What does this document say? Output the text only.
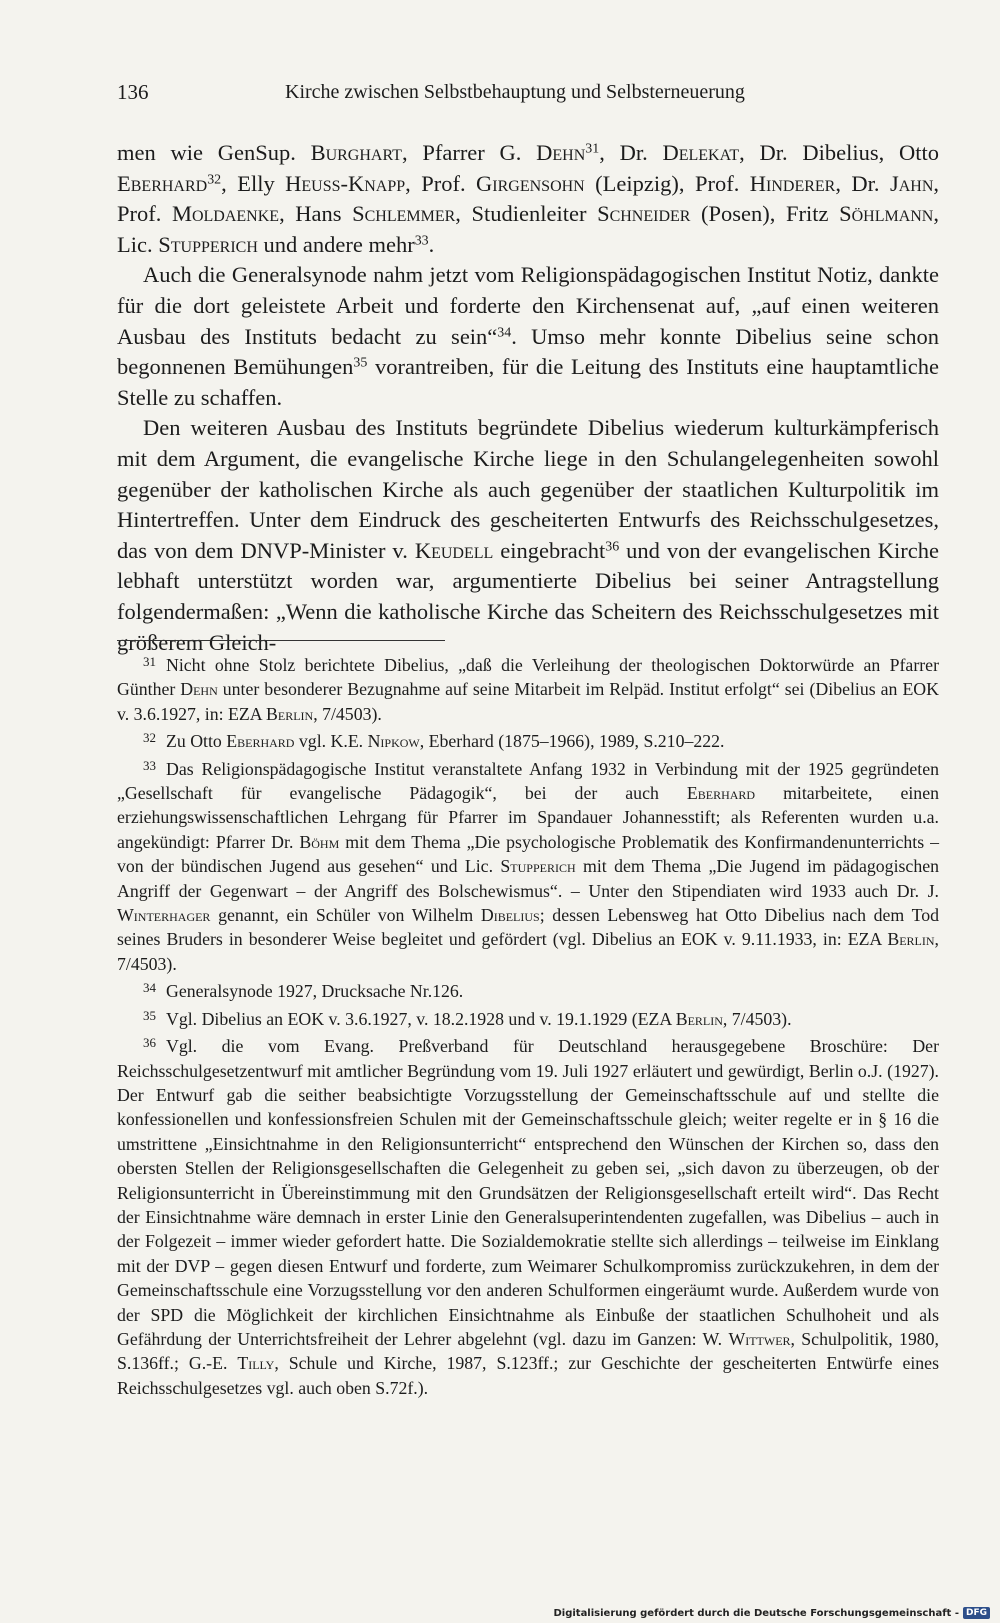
136	Kirche zwischen Selbstbehauptung und Selbsterneuerung

men wie GenSup. Burghart, Pfarrer G. Dehn$^{31}$, Dr. Delekat, Dr. Dibelius, Otto Eberhard$^{32}$, Elly Heuss-Knapp, Prof. Girgensohn (Leipzig), Prof. Hinderer, Dr. Jahn, Prof. Moldaenke, Hans Schlemmer, Studienleiter Schneider (Posen), Fritz Söhlmann, Lic. Stupperich und andere mehr$^{33}$.

Auch die Generalsynode nahm jetzt vom Religionspädagogischen Institut Notiz, dankte für die dort geleistete Arbeit und forderte den Kirchensenat auf, „auf einen weiteren Ausbau des Instituts bedacht zu sein“$^{34}$. Umso mehr konnte Dibelius seine schon begonnenen Bemühungen$^{35}$ vorantreiben, für die Leitung des Instituts eine hauptamtliche Stelle zu schaffen.

Den weiteren Ausbau des Instituts begründete Dibelius wiederum kulturkämpferisch mit dem Argument, die evangelische Kirche liege in den Schulangelegenheiten sowohl gegenüber der katholischen Kirche als auch gegenüber der staatlichen Kulturpolitik im Hintertreffen. Unter dem Eindruck des gescheiterten Entwurfs des Reichsschulgesetzes, das von dem DNVP-Minister v. Keudell eingebracht$^{36}$ und von der evangelischen Kirche lebhaft unterstützt worden war, argumentierte Dibelius bei seiner Antragstellung folgendermaßen: „Wenn die katholische Kirche das Scheitern des Reichsschulgesetzes mit größerem Gleich-

$^{31}$ Nicht ohne Stolz berichtete Dibelius, „daß die Verleihung der theologischen Doktorwürde an Pfarrer Günther Dehn unter besonderer Bezugnahme auf seine Mitarbeit im Relpäd. Institut erfolgt“ sei (Dibelius an EOK v. 3.6.1927, in: EZA Berlin, 7/4503).

$^{32}$ Zu Otto Eberhard vgl. K.E. Nipkow, Eberhard (1875–1966), 1989, S.210–222.

$^{33}$ Das Religionspädagogische Institut veranstaltete Anfang 1932 in Verbindung mit der 1925 gegründeten „Gesellschaft für evangelische Pädagogik“, bei der auch Eberhard mitarbeitete, einen erziehungswissenschaftlichen Lehrgang für Pfarrer im Spandauer Johannesstift; als Referenten wurden u.a. angekündigt: Pfarrer Dr. Böhm mit dem Thema „Die psychologische Problematik des Konfirmandenunterrichts – von der bündischen Jugend aus gesehen“ und Lic. Stupperich mit dem Thema „Die Jugend im pädagogischen Angriff der Gegenwart – der Angriff des Bolschewismus“. – Unter den Stipendiaten wird 1933 auch Dr. J. Winterhager genannt, ein Schüler von Wilhelm Dibelius; dessen Lebensweg hat Otto Dibelius nach dem Tod seines Bruders in besonderer Weise begleitet und gefördert (vgl. Dibelius an EOK v. 9.11.1933, in: EZA Berlin, 7/4503).

$^{34}$ Generalsynode 1927, Drucksache Nr.126.

$^{35}$ Vgl. Dibelius an EOK v. 3.6.1927, v. 18.2.1928 und v. 19.1.1929 (EZA Berlin, 7/4503).

$^{36}$ Vgl. die vom Evang. Preßverband für Deutschland herausgegebene Broschüre: Der Reichsschulgesetzentwurf mit amtlicher Begründung vom 19. Juli 1927 erläutert und gewürdigt, Berlin o.J. (1927). Der Entwurf gab die seither beabsichtigte Vorzugsstellung der Gemeinschaftsschule auf und stellte die konfessionellen und konfessionsfreien Schulen mit der Gemeinschaftsschule gleich; weiter regelte er in § 16 die umstrittene „Einsichtnahme in den Religionsunterricht“ entsprechend den Wünschen der Kirchen so, dass den obersten Stellen der Religionsgesellschaften die Gelegenheit zu geben sei, „sich davon zu überzeugen, ob der Religionsunterricht in Übereinstimmung mit den Grundsätzen der Religionsgesellschaft erteilt wird“. Das Recht der Einsichtnahme wäre demnach in erster Linie den Generalsuperintendenten zugefallen, was Dibelius – auch in der Folgezeit – immer wieder gefordert hatte. Die Sozialdemokratie stellte sich allerdings – teilweise im Einklang mit der DVP – gegen diesen Entwurf und forderte, zum Weimarer Schulkompromiss zurückzukehren, in dem der Gemeinschaftsschule eine Vorzugsstellung vor den anderen Schulformen eingeräumt wurde. Außerdem wurde von der SPD die Möglichkeit der kirchlichen Einsichtnahme als Einbuße der staatlichen Schulhoheit und als Gefährdung der Unterrichtsfreiheit der Lehrer abgelehnt (vgl. dazu im Ganzen: W. Wittwer, Schulpolitik, 1980, S.136ff.; G.-E. Tilly, Schule und Kirche, 1987, S.123ff.; zur Geschichte der gescheiterten Entwürfe eines Reichsschulgesetzes vgl. auch oben S.72f.).

Digitalisierung gefördert durch die Deutsche Forschungsgemeinschaft - DFG
